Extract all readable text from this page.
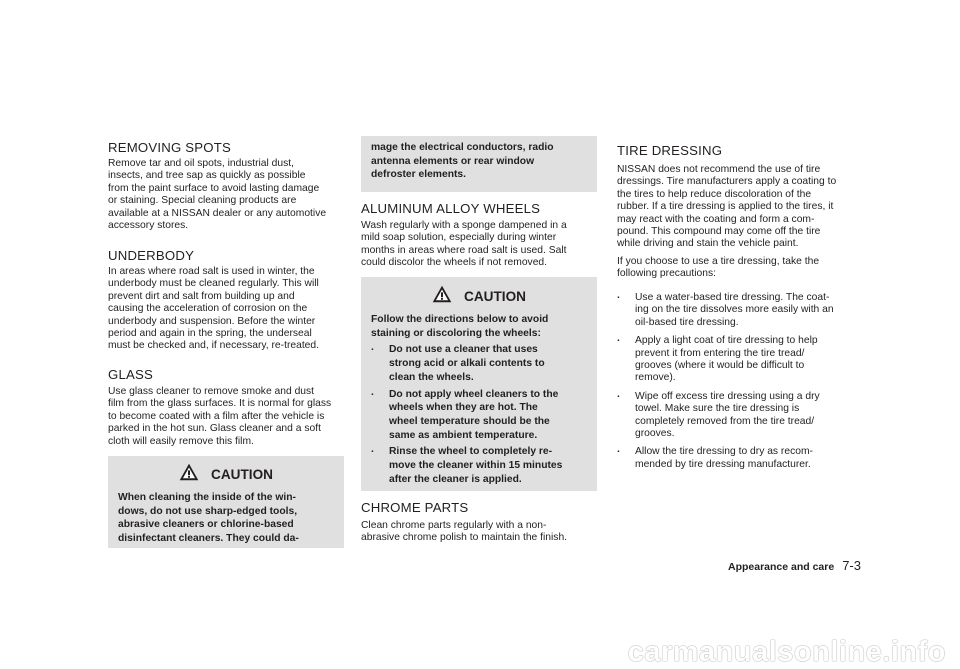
REMOVING SPOTS
Remove tar and oil spots, industrial dust,
insects, and tree sap as quickly as possible
from the paint surface to avoid lasting damage
or staining. Special cleaning products are
available at a NISSAN dealer or any automotive
accessory stores.
UNDERBODY
In areas where road salt is used in winter, the
underbody must be cleaned regularly. This will
prevent dirt and salt from building up and
causing the acceleration of corrosion on the
underbody and suspension. Before the winter
period and again in the spring, the underseal
must be checked and, if necessary, re-treated.
GLASS
Use glass cleaner to remove smoke and dust
film from the glass surfaces. It is normal for glass
to become coated with a film after the vehicle is
parked in the hot sun. Glass cleaner and a soft
cloth will easily remove this film.
CAUTION
When cleaning the inside of the win-
dows, do not use sharp-edged tools,
abrasive cleaners or chlorine-based
disinfectant cleaners. They could da-
mage the electrical conductors, radio
antenna elements or rear window
defroster elements.
ALUMINUM ALLOY WHEELS
Wash regularly with a sponge dampened in a
mild soap solution, especially during winter
months in areas where road salt is used. Salt
could discolor the wheels if not removed.
CAUTION
Follow the directions below to avoid
staining or discoloring the wheels:
. Do not use a cleaner that uses
strong acid or alkali contents to
clean the wheels.
. Do not apply wheel cleaners to the
wheels when they are hot. The
wheel temperature should be the
same as ambient temperature.
. Rinse the wheel to completely re-
move the cleaner within 15 minutes
after the cleaner is applied.
CHROME PARTS
Clean chrome parts regularly with a non-
abrasive chrome polish to maintain the finish.
TIRE DRESSING
NISSAN does not recommend the use of tire
dressings. Tire manufacturers apply a coating to
the tires to help reduce discoloration of the
rubber. If a tire dressing is applied to the tires, it
may react with the coating and form a com-
pound. This compound may come off the tire
while driving and stain the vehicle paint.
If you choose to use a tire dressing, take the
following precautions:
. Use a water-based tire dressing. The coat-
ing on the tire dissolves more easily with an
oil-based tire dressing.
. Apply a light coat of tire dressing to help
prevent it from entering the tire tread/
grooves (where it would be difficult to
remove).
. Wipe off excess tire dressing using a dry
towel. Make sure the tire dressing is
completely removed from the tire tread/
grooves.
. Allow the tire dressing to dry as recom-
mended by tire dressing manufacturer.
Appearance and care 7-3
carmanualsonline.info
